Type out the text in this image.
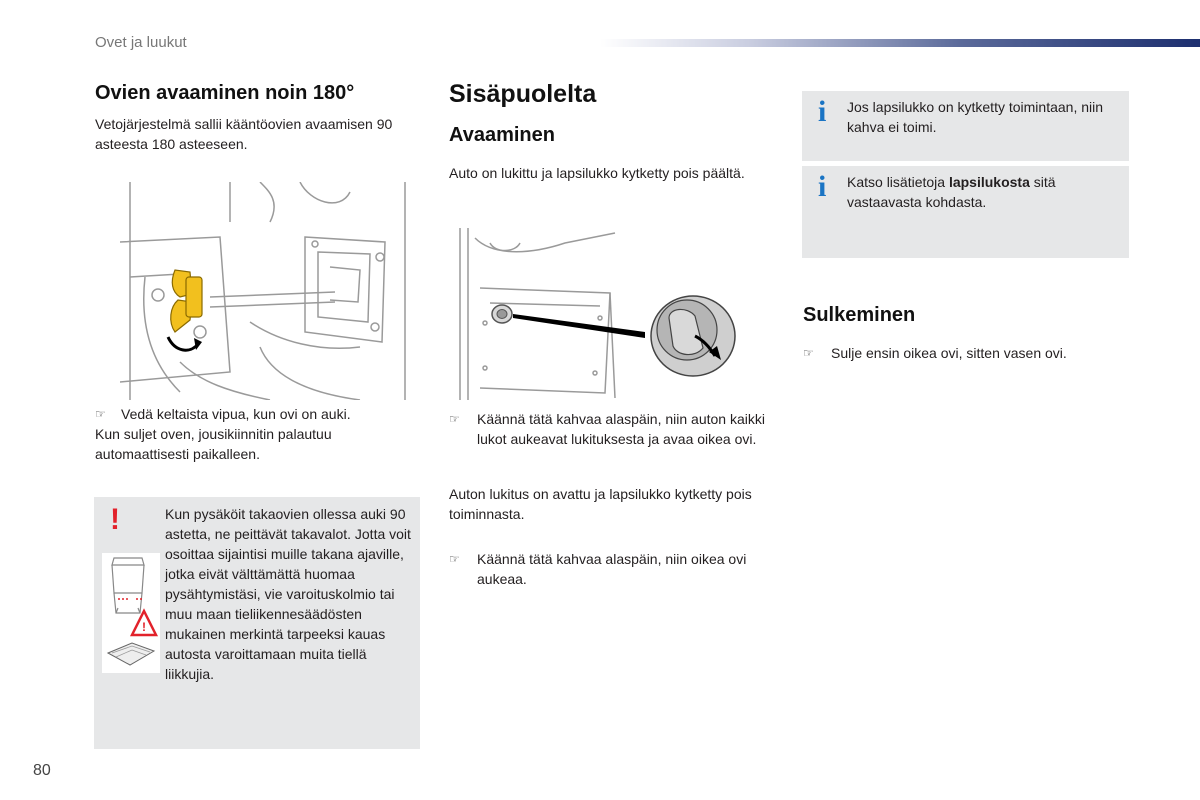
Ovet ja luukut
Ovien avaaminen noin 180°

Vetojärjestelmä sallii kääntöovien avaamisen 90 asteesta 180 asteeseen.

☞ Vedä keltaista vipua, kun ovi on auki.

Kun suljet oven, jousikiinnitin palautuu automaattisesti paikalleen.

!
!

Kun pysäköit takaovien ollessa auki 90 astetta, ne peittävät takavalot. Jotta voit osoittaa sijaintisi muille takana ajaville, jotka eivät välttämättä huomaa pysähtymistäsi, vie varoituskolmio tai muu maan tieliikennesäädösten mukainen merkintä tarpeeksi kauas autosta varoittamaan muita tiellä liikkujia.

Sisäpuolelta
Avaaminen

Auto on lukittu ja lapsilukko kytketty pois päältä.

☞ Käännä tätä kahvaa alaspäin, niin auton kaikki lukot aukeavat lukituksesta ja avaa oikea ovi.

Auton lukitus on avattu ja lapsilukko kytketty pois toiminnasta.

☞ Käännä tätä kahvaa alaspäin, niin oikea ovi aukeaa.

i Jos lapsilukko on kytketty toimintaan, niin kahva ei toimi.

i Katso lisätietoja lapsilukosta sitä vastaavasta kohdasta.

Sulkeminen
☞ Sulje ensin oikea ovi, sitten vasen ovi.

80
